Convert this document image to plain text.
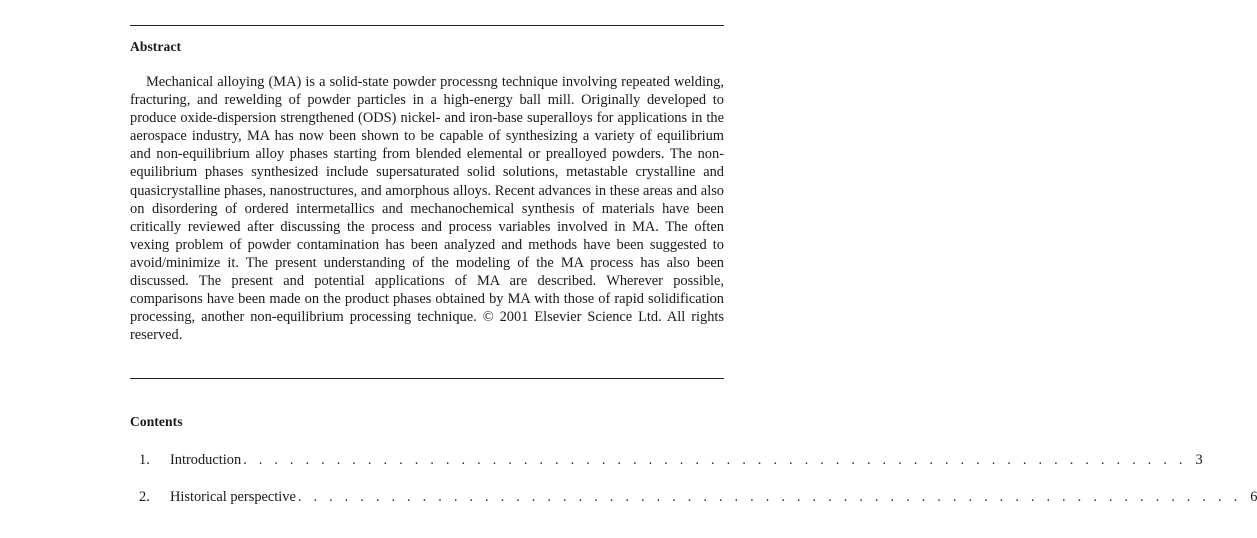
Abstract

Mechanical alloying (MA) is a solid-state powder processng technique involving repeated welding, fracturing, and rewelding of powder particles in a high-energy ball mill. Originally developed to produce oxide-dispersion strengthened (ODS) nickel- and iron-base superalloys for applications in the aerospace industry, MA has now been shown to be capable of synthesizing a variety of equilibrium and non-equilibrium alloy phases starting from blended elemental or prealloyed powders. The non-equilibrium phases synthesized include supersaturated solid solutions, metastable crystalline and quasicrystalline phases, nanostructures, and amorphous alloys. Recent advances in these areas and also on disordering of ordered intermetallics and mechanochemical synthesis of materials have been critically reviewed after discussing the process and process variables involved in MA. The often vexing problem of powder contamination has been analyzed and methods have been suggested to avoid/minimize it. The present understanding of the modeling of the MA process has also been discussed. The present and potential applications of MA are described. Wherever possible, comparisons have been made on the product phases obtained by MA with those of rapid solidification processing, another non-equilibrium processing technique. © 2001 Elsevier Science Ltd. All rights reserved.

Contents
1.	Introduction . . . . . . . . . . . . . . . . . . . . . . . . . . . . . . . . . . . . . . . . . . . . . . . . . . . . . . . . . . . . . 3
2.	Historical perspective . . . . . . . . . . . . . . . . . . . . . . . . . . . . . . . . . . . . . . . . . . . . . . . . . . . . . . . . . . . . . 6
